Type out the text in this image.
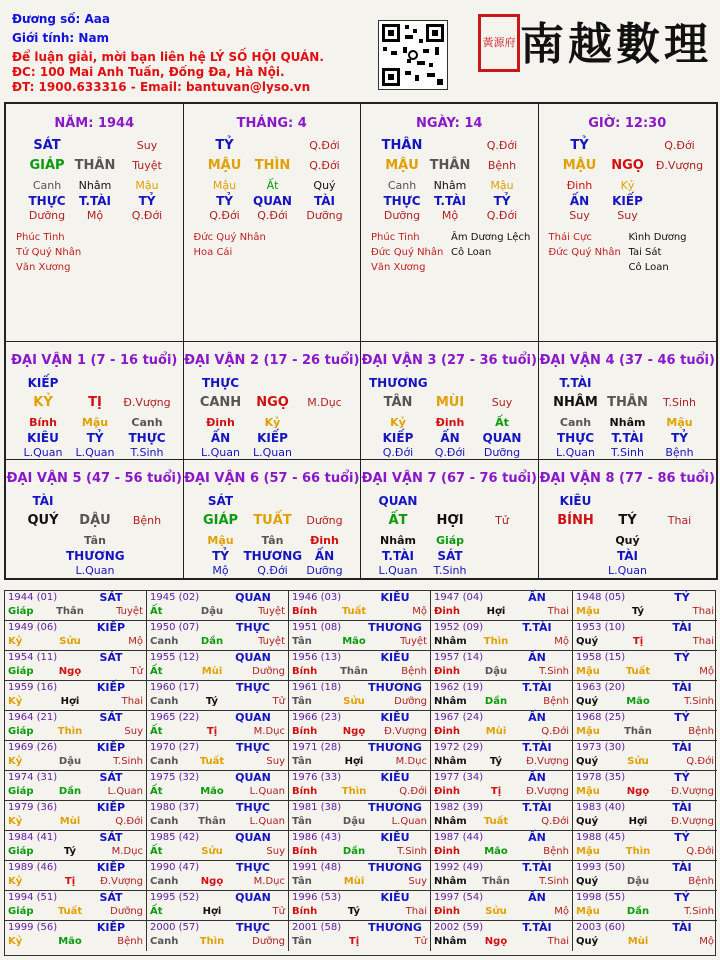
Đương số: Aaa
Giới tính: Nam
Để luận giải, mời bạn liên hệ LÝ SỐ HỘI QUÁN.
ĐC: 100 Mai Anh Tuấn, Đống Đa, Hà Nội.
ĐT: 1900.633316 - Email: bantuvan@lyso.vn
黃源府 南越數理
NĂM: 1944
SÁT	Suy
GIÁP THÂN	Tuyệt
Canh	Nhâm	Mậu
THỰC	T.TÀI	TỶ
Dưỡng	Mộ	Q.Đới
Phúc Tinh
Tứ Quý Nhân
Văn Xương
THÁNG: 4
TỶ	Q.Đới
MẬU	THÌN	Q.Đới
Mậu	Ất	Quý
TỶ	QUAN	TÀI
Q.Đới	Q.Đới	Dưỡng
Đức Quý Nhân
Hoa Cái
NGÀY: 14
THÂN	Q.Đới
MẬU THÂN	Bệnh
Canh	Nhâm	Mậu
THỰC	T.TÀI	TỶ
Dưỡng	Mộ	Q.Đới
Phúc Tinh
Đức Quý Nhân
Văn Xương
Âm Dương Lệch
Cô Loan
GIỜ: 12:30
TỶ	Q.Đới
MẬU	NGỌ	Đ.Vượng
Đinh	Kỷ
ẤN	KIẾP
Suy	Suy
Thái Cực
Đức Quý Nhân
Kình Dương
Tai Sát
Cô Loan
ĐẠI VẬN 1 (7 - 16 tuổi)
KIẾP
KỶ	TỊ	Đ.Vượng
Bính	Mậu	Canh
KIÊU	TỶ	THỰC
L.Quan	L.Quan	T.Sinh
ĐẠI VẬN 2 (17 - 26 tuổi)
THỰC
CANH	NGỌ	M.Dục
Đinh	Kỷ
ẤN	KIẾP
L.Quan	L.Quan
ĐẠI VẬN 3 (27 - 36 tuổi)
THƯƠNG
TÂN	MÙI	Suy
Kỷ	Đinh	Ất
KIẾP	ẤN	QUAN
Q.Đới	Q.Đới	Dưỡng
ĐẠI VẬN 4 (37 - 46 tuổi)
T.TÀI
NHÂM THÂN	T.Sinh
Canh	Nhâm	Mậu
THỰC	T.TÀI	TỶ
L.Quan	T.Sinh	Bệnh
ĐẠI VẬN 5 (47 - 56 tuổi)
TÀI
QUÝ	DẬU	Bệnh
Tân
THƯƠNG
L.Quan
ĐẠI VẬN 6 (57 - 66 tuổi)
SÁT
GIÁP	TUẤT	Dưỡng
Mậu	Tân	Đinh
TỶ	THƯƠNG	ẤN
Mộ	Q.Đới	Dưỡng
ĐẠI VẬN 7 (67 - 76 tuổi)
QUAN
ẤT	HỢI	Tử
Nhâm	Giáp
T.TÀI	SÁT
L.Quan	T.Sinh
ĐẠI VẬN 8 (77 - 86 tuổi)
KIÊU
BÍNH	TÝ	Thai
Quý
TÀI
L.Quan
1944 (01)	SÁT
Giáp	Thân	Tuyệt
1945 (02)	QUAN
Ất	Dậu	Tuyệt
1946 (03)	KIÊU
Bính	Tuất	Mộ
1947 (04)	ẤN
Đinh	Hợi	Thai
1948 (05)	TỶ
Mậu	Tý	Thai
1949 (06)	KIẾP
Kỷ	Sửu	Mộ
1950 (07)	THỰC
Canh	Dần	Tuyệt
1951 (08)	THƯƠNG
Tân	Mão	Tuyệt
1952 (09)	T.TÀI
Nhâm	Thìn	Mộ
1953 (10)	TÀI
Quý	Tị	Thai
1954 (11)	SÁT
Giáp	Ngọ	Tử
1955 (12)	QUAN
Ất	Mùi	Dưỡng
1956 (13)	KIÊU
Bính	Thân	Bệnh
1957 (14)	ẤN
Đinh	Dậu	T.Sinh
1958 (15)	TỶ
Mậu	Tuất	Mộ
1959 (16)	KIẾP
Kỷ	Hợi	Thai
1960 (17)	THỰC
Canh	Tý	Tử
1961 (18)	THƯƠNG
Tân	Sửu	Dưỡng
1962 (19)	T.TÀI
Nhâm	Dần	Bệnh
1963 (20)	TÀI
Quý	Mão	T.Sinh
1964 (21)	SÁT
Giáp	Thìn	Suy
1965 (22)	QUAN
Ất	Tị	M.Dục
1966 (23)	KIÊU
Bính	Ngọ	Đ.Vượng
1967 (24)	ẤN
Đinh	Mùi	Q.Đới
1968 (25)	TỶ
Mậu	Thân	Bệnh
1969 (26)	KIẾP
Kỷ	Dậu	T.Sinh
1970 (27)	THỰC
Canh	Tuất	Suy
1971 (28)	THƯƠNG
Tân	Hợi	M.Dục
1972 (29)	T.TÀI
Nhâm	Tý	Đ.Vượng
1973 (30)	TÀI
Quý	Sửu	Q.Đới
1974 (31)	SÁT
Giáp	Dần	L.Quan
1975 (32)	QUAN
Ất	Mão	L.Quan
1976 (33)	KIÊU
Bính	Thìn	Q.Đới
1977 (34)	ẤN
Đinh	Tị	Đ.Vượng
1978 (35)	TỶ
Mậu	Ngọ	Đ.Vượng
1979 (36)	KIẾP
Kỷ	Mùi	Q.Đới
1980 (37)	THỰC
Canh	Thân	L.Quan
1981 (38)	THƯƠNG
Tân	Dậu	L.Quan
1982 (39)	T.TÀI
Nhâm	Tuất	Q.Đới
1983 (40)	TÀI
Quý	Hợi	Đ.Vượng
1984 (41)	SÁT
Giáp	Tý	M.Dục
1985 (42)	QUAN
Ất	Sửu	Suy
1986 (43)	KIÊU
Bính	Dần	T.Sinh
1987 (44)	ẤN
Đinh	Mão	Bệnh
1988 (45)	TỶ
Mậu	Thìn	Q.Đới
1989 (46)	KIẾP
Kỷ	Tị	Đ.Vượng
1990 (47)	THỰC
Canh	Ngọ	M.Dục
1991 (48)	THƯƠNG
Tân	Mùi	Suy
1992 (49)	T.TÀI
Nhâm	Thân	T.Sinh
1993 (50)	TÀI
Quý	Dậu	Bệnh
1994 (51)	SÁT
Giáp	Tuất	Dưỡng
1995 (52)	QUAN
Ất	Hợi	Tử
1996 (53)	KIÊU
Bính	Tý	Thai
1997 (54)	ẤN
Đinh	Sửu	Mộ
1998 (55)	TỶ
Mậu	Dần	T.Sinh
1999 (56)	KIẾP
Kỷ	Mão	Bệnh
2000 (57)	THỰC
Canh	Thìn	Dưỡng
2001 (58)	THƯƠNG
Tân	Tị	Tử
2002 (59)	T.TÀI
Nhâm	Ngọ	Thai
2003 (60)	TÀI
Quý	Mùi	Mộ
